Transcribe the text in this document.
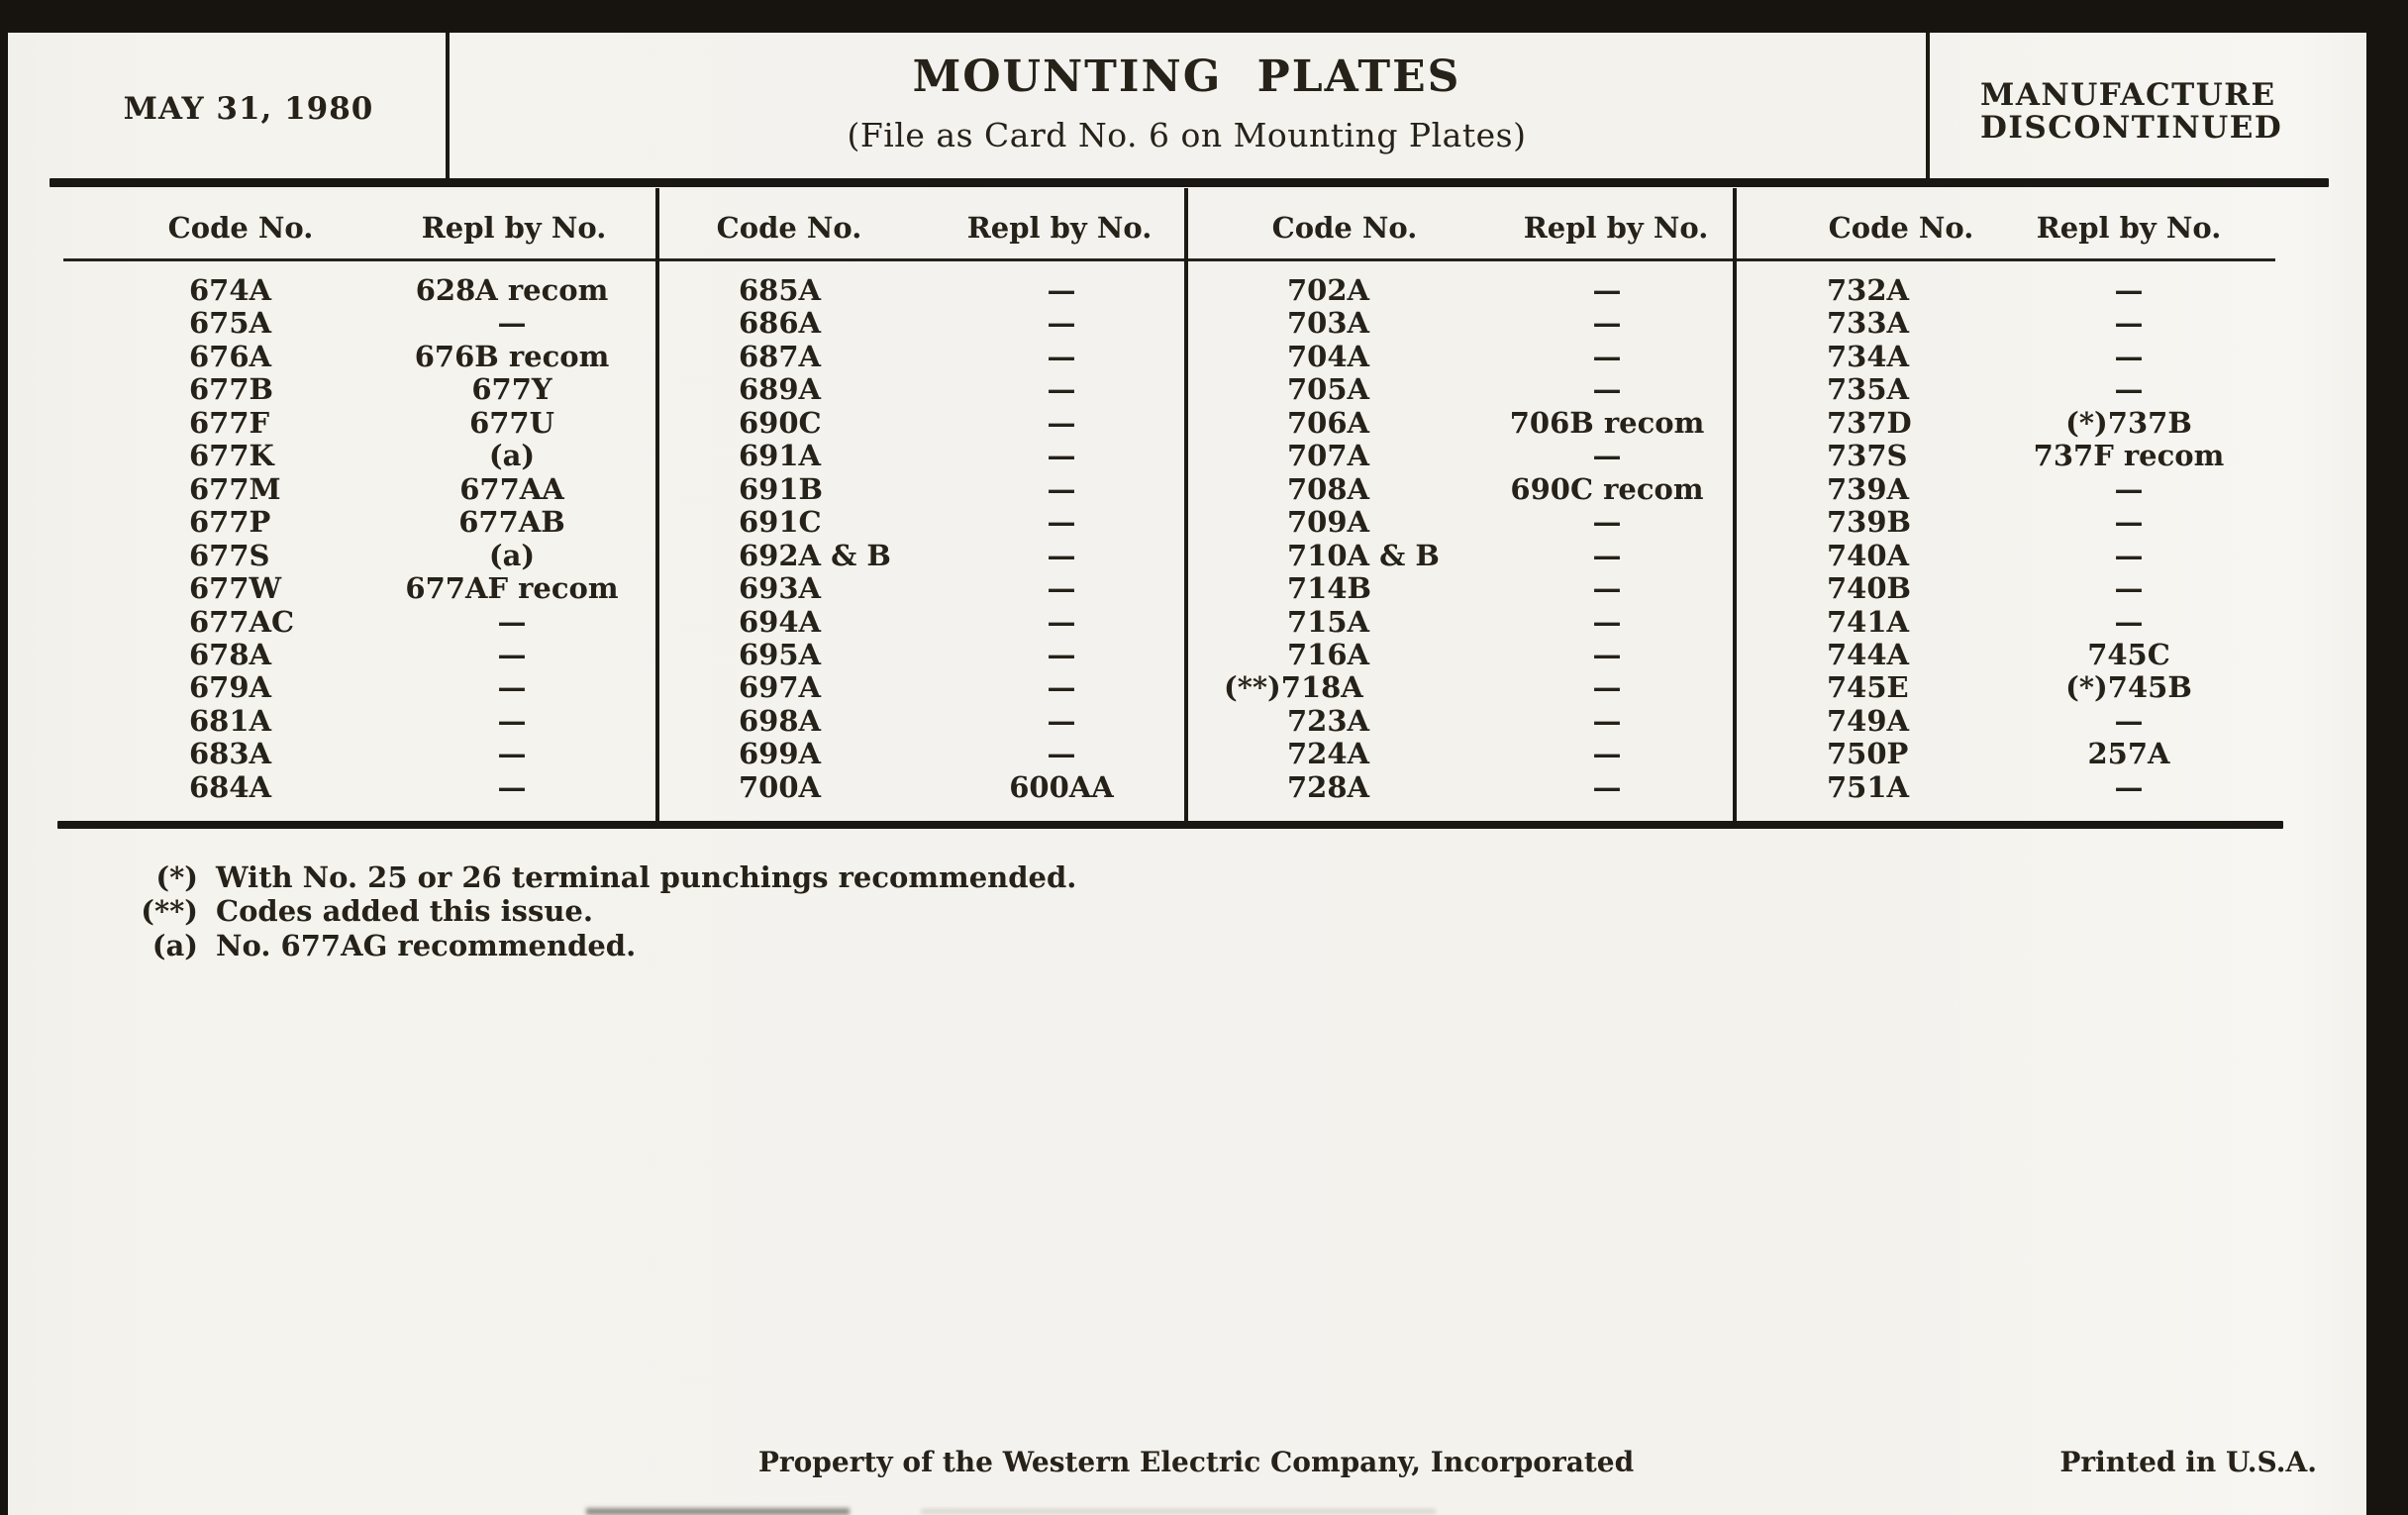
MAY 31, 1980
MOUNTING PLATES
(File as Card No. 6 on Mounting Plates)
MANUFACTURE
DISCONTINUED
Code No.	Repl by No.
674A	628A recom
675A	—
676A	676B recom
677B	677Y
677F	677U
677K	(a)
677M	677AA
677P	677AB
677S	(a)
677W	677AF recom
677AC	—
678A	—
679A	—
681A	—
683A	—
684A	—
Code No.	Repl by No.
685A	—
686A	—
687A	—
689A	—
690C	—
691A	—
691B	—
691C	—
692A & B	—
693A	—
694A	—
695A	—
697A	—
698A	—
699A	—
700A	600AA
Code No.	Repl by No.
702A	—
703A	—
704A	—
705A	—
706A	706B recom
707A	—
708A	690C recom
709A	—
710A & B	—
714B	—
715A	—
716A	—
(**)718A	—
723A	—
724A	—
728A	—
Code No.	Repl by No.
732A	—
733A	—
734A	—
735A	—
737D	(*)737B
737S	737F recom
739A	—
739B	—
740A	—
740B	—
741A	—
744A	745C
745E	(*)745B
749A	—
750P	257A
751A	—
(*) With No. 25 or 26 terminal punchings recommended.
(**) Codes added this issue.
(a) No. 677AG recommended.
Property of the Western Electric Company, Incorporated	Printed in U.S.A.
